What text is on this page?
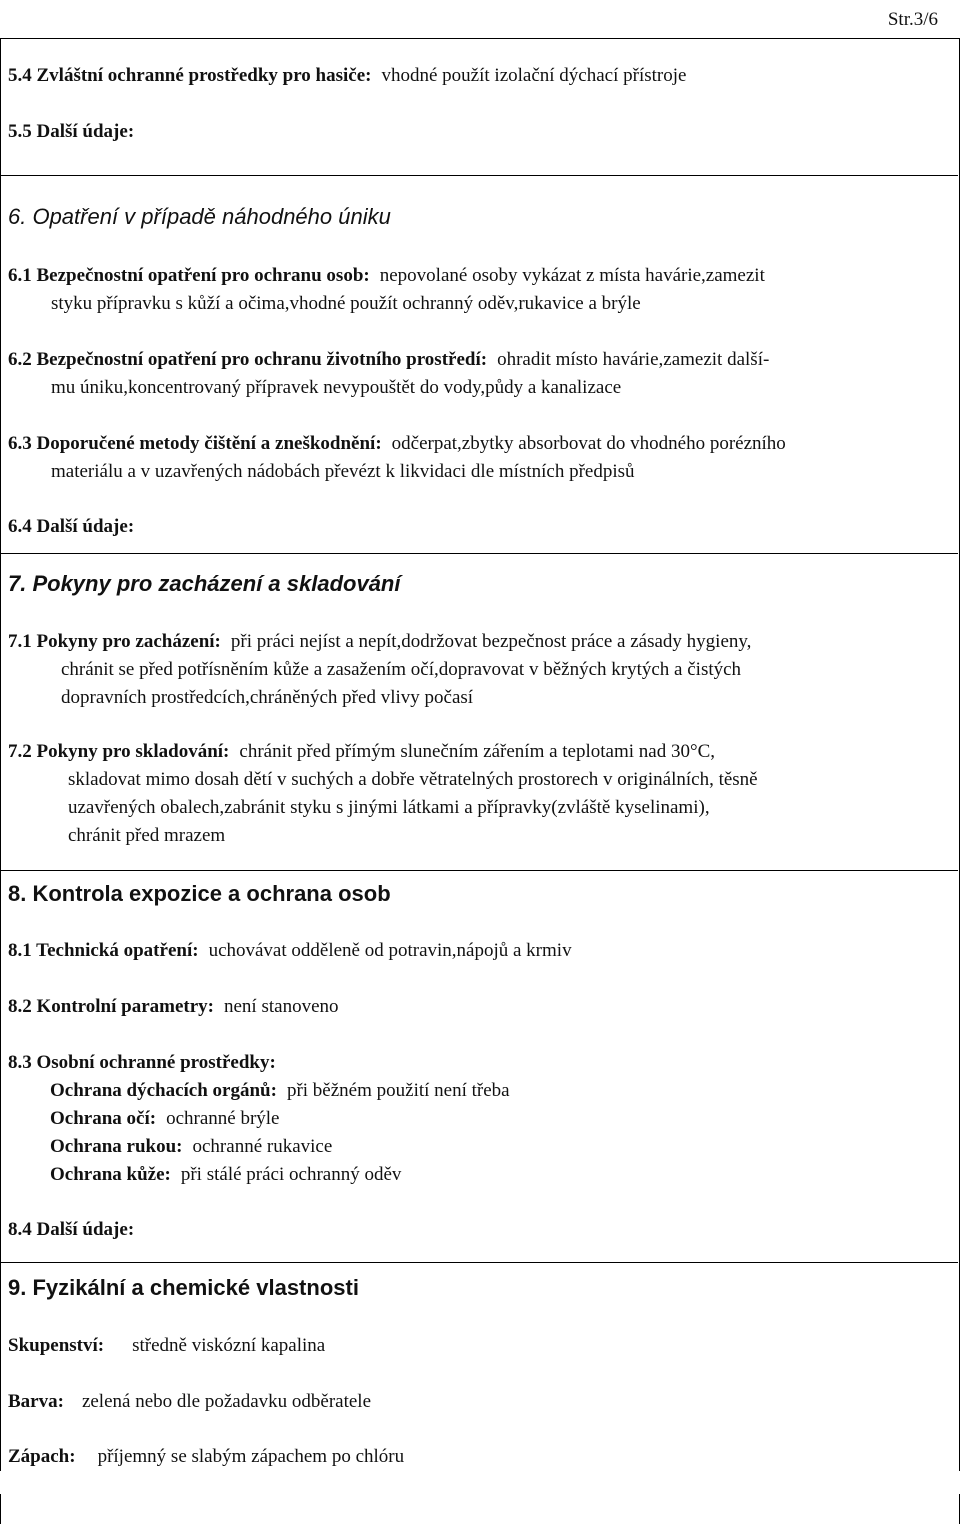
Str.3/6
5.4 Zvláštní ochranné prostředky pro hasiče: vhodné použít izolační dýchací přístroje
5.5 Další údaje:
6. Opatření v případě náhodného úniku
6.1 Bezpečnostní opatření pro ochranu osob: nepovolané osoby vykázat z místa havárie,zamezit
styku přípravku s kůží a očima,vhodné použít ochranný oděv,rukavice a brýle
6.2 Bezpečnostní opatření pro ochranu životního prostředí: ohradit místo havárie,zamezit další-
mu úniku,koncentrovaný přípravek nevypouštět do vody,půdy a kanalizace
6.3 Doporučené metody čištění a zneškodnění: odčerpat,zbytky absorbovat do vhodného porézního
materiálu a v uzavřených nádobách převézt k likvidaci dle místních předpisů
6.4 Další údaje:
7. Pokyny pro zacházení a skladování
7.1 Pokyny pro zacházení: při práci nejíst a nepít,dodržovat bezpečnost práce a zásady hygieny,
chránit se před potřísněním kůže a zasažením očí,dopravovat v běžných krytých a čistých
dopravních prostředcích,chráněných před vlivy počasí
7.2 Pokyny pro skladování: chránit před přímým slunečním zářením a teplotami nad 30°C,
skladovat mimo dosah dětí v suchých a dobře větratelných prostorech v originálních, těsně
uzavřených obalech,zabránit styku s jinými látkami a přípravky(zvláště kyselinami),
chránit před mrazem
8. Kontrola expozice a ochrana osob
8.1 Technická opatření: uchovávat odděleně od potravin,nápojů a krmiv
8.2 Kontrolní parametry: není stanoveno
8.3 Osobní ochranné prostředky:
Ochrana dýchacích orgánů: při běžném použití není třeba
Ochrana očí: ochranné brýle
Ochrana rukou: ochranné rukavice
Ochrana kůže: při stálé práci ochranný oděv
8.4 Další údaje:
9. Fyzikální a chemické vlastnosti
Skupenství: středně viskózní kapalina
Barva: zelená nebo dle požadavku odběratele
Zápach: příjemný se slabým zápachem po chlóru
